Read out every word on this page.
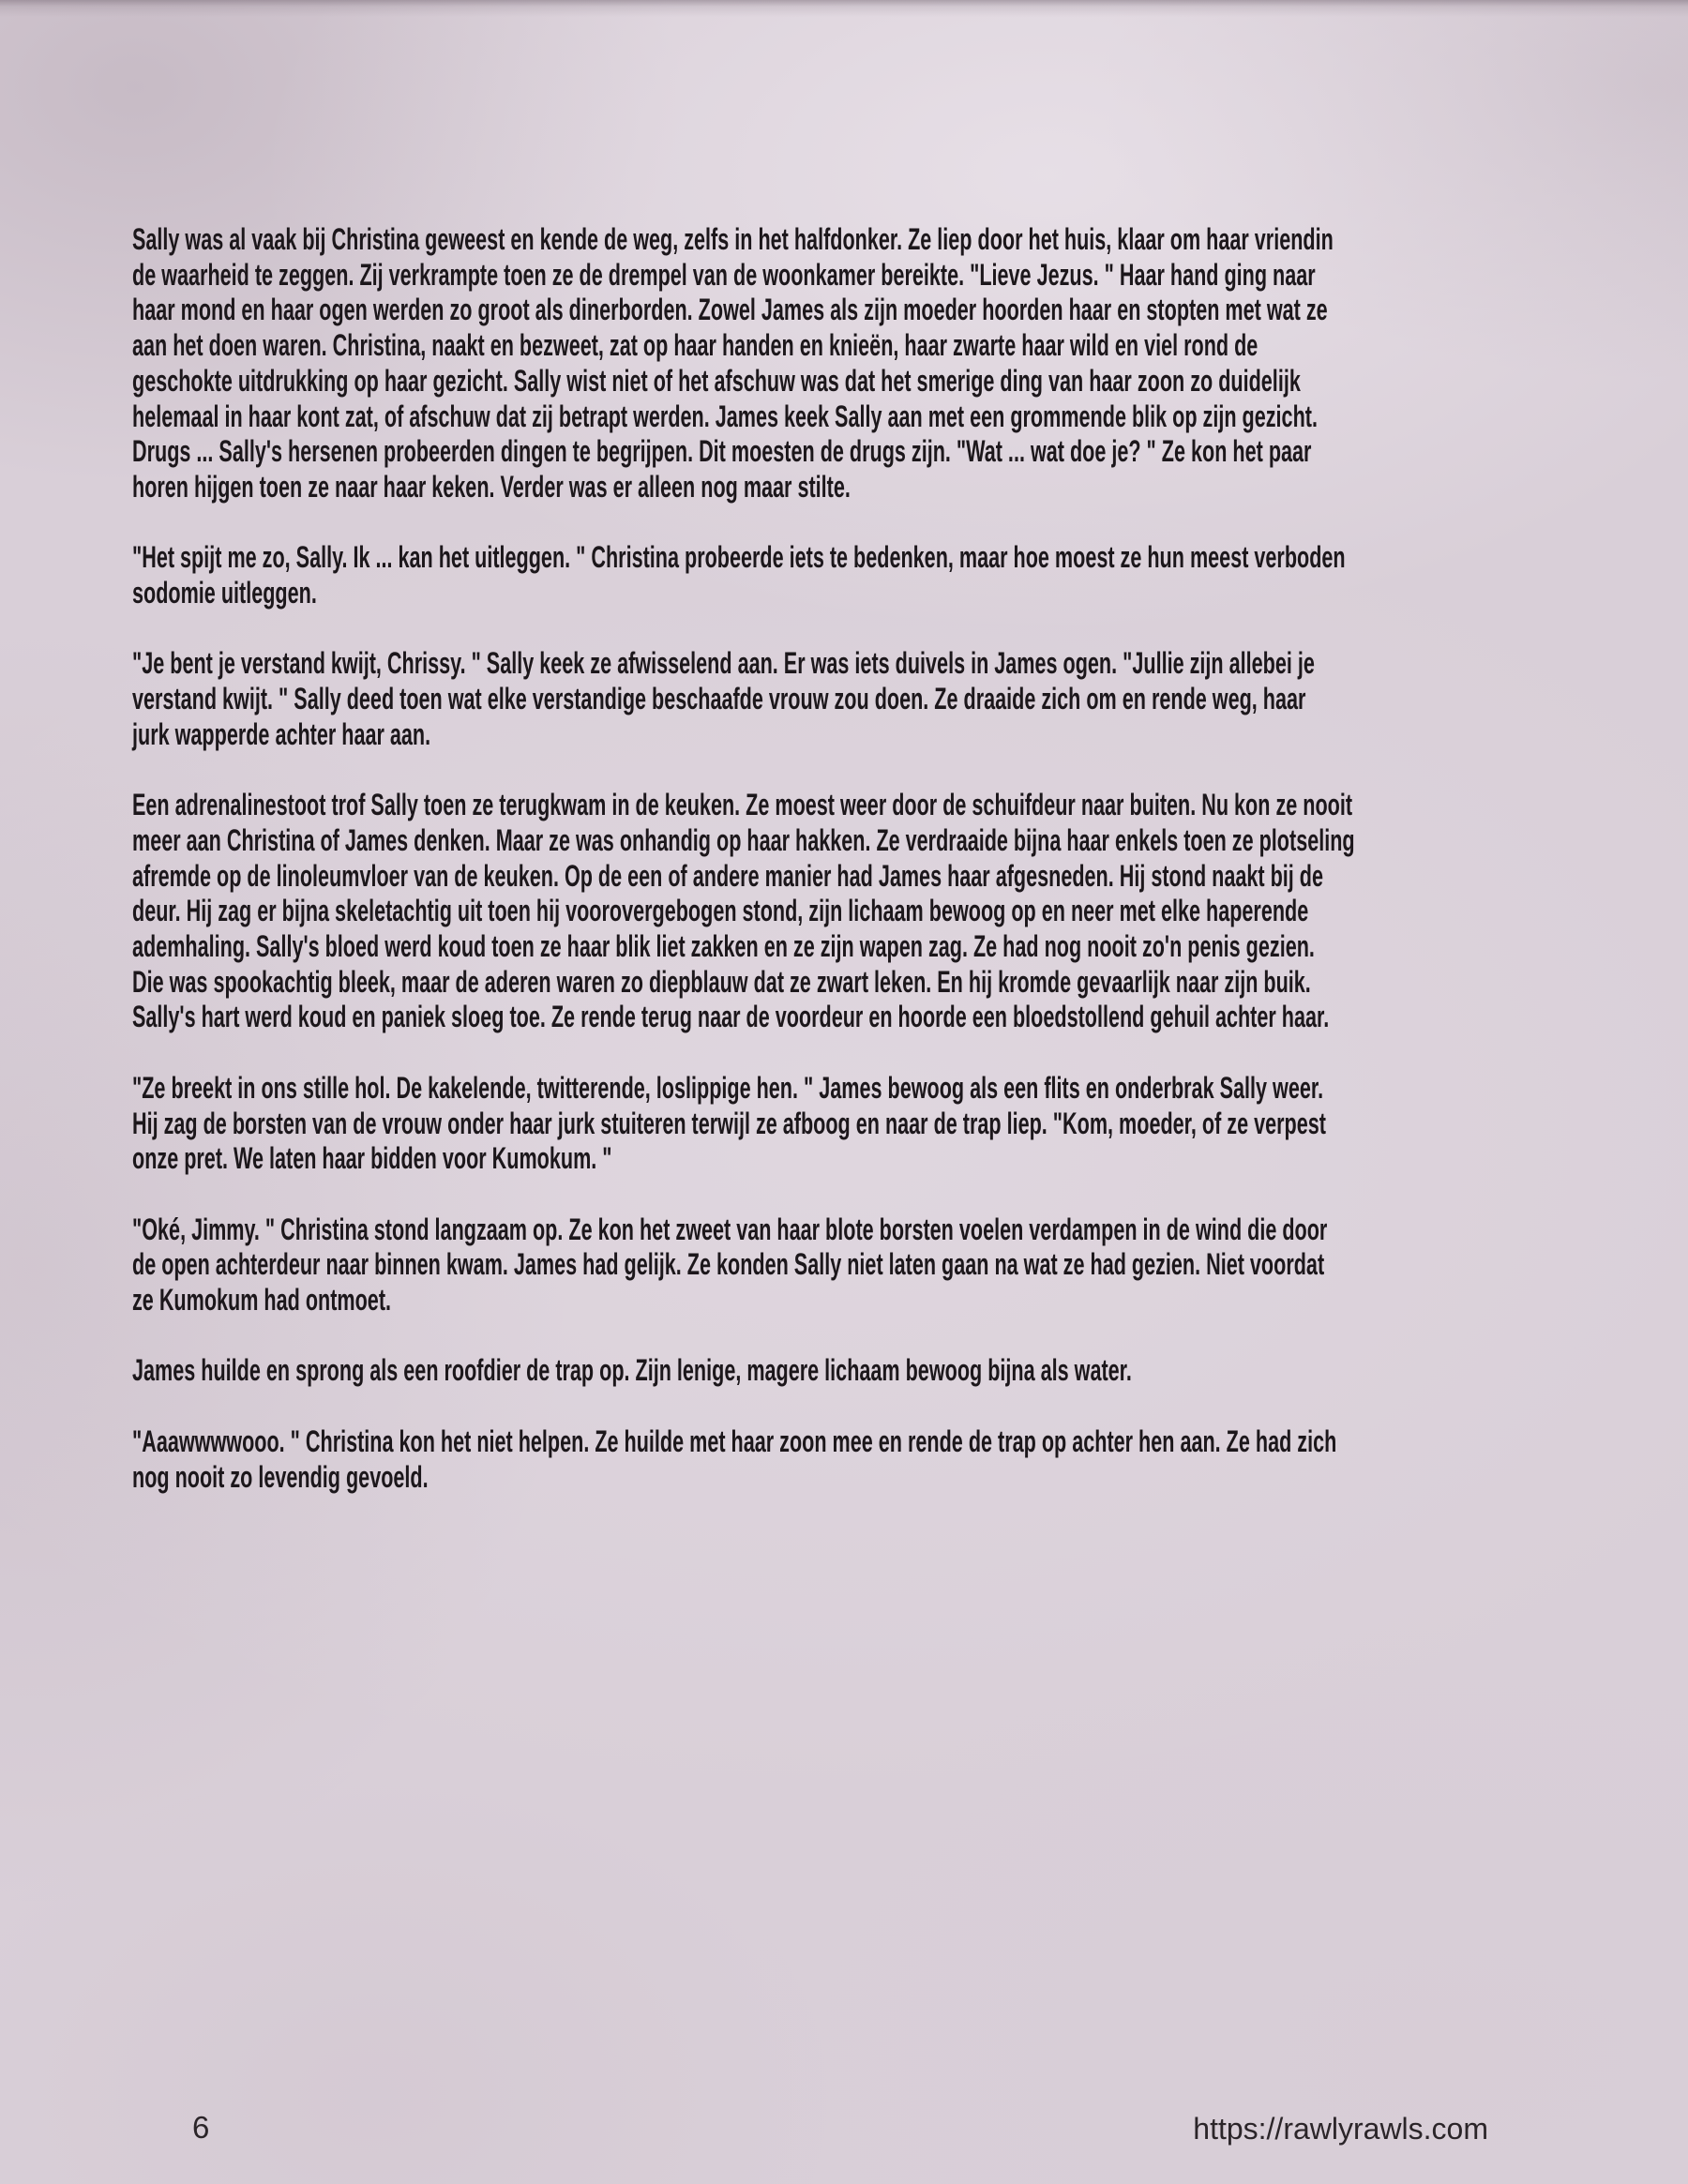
Sally was al vaak bij Christina geweest en kende de weg, zelfs in het halfdonker. Ze liep door het huis, klaar om haar vriendin
de waarheid te zeggen. Zij verkrampte toen ze de drempel van de woonkamer bereikte. "Lieve Jezus. " Haar hand ging naar
haar mond en haar ogen werden zo groot als dinerborden. Zowel James als zijn moeder hoorden haar en stopten met wat ze
aan het doen waren. Christina, naakt en bezweet, zat op haar handen en knieën, haar zwarte haar wild en viel rond de
geschokte uitdrukking op haar gezicht. Sally wist niet of het afschuw was dat het smerige ding van haar zoon zo duidelijk
helemaal in haar kont zat, of afschuw dat zij betrapt werden. James keek Sally aan met een grommende blik op zijn gezicht.
Drugs ... Sally's hersenen probeerden dingen te begrijpen. Dit moesten de drugs zijn. "Wat ... wat doe je? " Ze kon het paar
horen hijgen toen ze naar haar keken. Verder was er alleen nog maar stilte.

"Het spijt me zo, Sally. Ik ... kan het uitleggen. " Christina probeerde iets te bedenken, maar hoe moest ze hun meest verboden
sodomie uitleggen.

"Je bent je verstand kwijt, Chrissy. " Sally keek ze afwisselend aan. Er was iets duivels in James ogen. "Jullie zijn allebei je
verstand kwijt. " Sally deed toen wat elke verstandige beschaafde vrouw zou doen. Ze draaide zich om en rende weg, haar
jurk wapperde achter haar aan.

Een adrenalinestoot trof Sally toen ze terugkwam in de keuken. Ze moest weer door de schuifdeur naar buiten. Nu kon ze nooit
meer aan Christina of James denken. Maar ze was onhandig op haar hakken. Ze verdraaide bijna haar enkels toen ze plotseling
afremde op de linoleumvloer van de keuken. Op de een of andere manier had James haar afgesneden. Hij stond naakt bij de
deur. Hij zag er bijna skeletachtig uit toen hij voorovergebogen stond, zijn lichaam bewoog op en neer met elke haperende
ademhaling. Sally's bloed werd koud toen ze haar blik liet zakken en ze zijn wapen zag. Ze had nog nooit zo'n penis gezien.
Die was spookachtig bleek, maar de aderen waren zo diepblauw dat ze zwart leken. En hij kromde gevaarlijk naar zijn buik.
Sally's hart werd koud en paniek sloeg toe. Ze rende terug naar de voordeur en hoorde een bloedstollend gehuil achter haar.

"Ze breekt in ons stille hol. De kakelende, twitterende, loslippige hen. " James bewoog als een flits en onderbrak Sally weer.
Hij zag de borsten van de vrouw onder haar jurk stuiteren terwijl ze afboog en naar de trap liep. "Kom, moeder, of ze verpest
onze pret. We laten haar bidden voor Kumokum. "

"Oké, Jimmy. " Christina stond langzaam op. Ze kon het zweet van haar blote borsten voelen verdampen in de wind die door
de open achterdeur naar binnen kwam. James had gelijk. Ze konden Sally niet laten gaan na wat ze had gezien. Niet voordat
ze Kumokum had ontmoet.

James huilde en sprong als een roofdier de trap op. Zijn lenige, magere lichaam bewoog bijna als water.

"Aaawwwwooo. " Christina kon het niet helpen. Ze huilde met haar zoon mee en rende de trap op achter hen aan. Ze had zich
nog nooit zo levendig gevoeld.

6	https://rawlyrawls.com
